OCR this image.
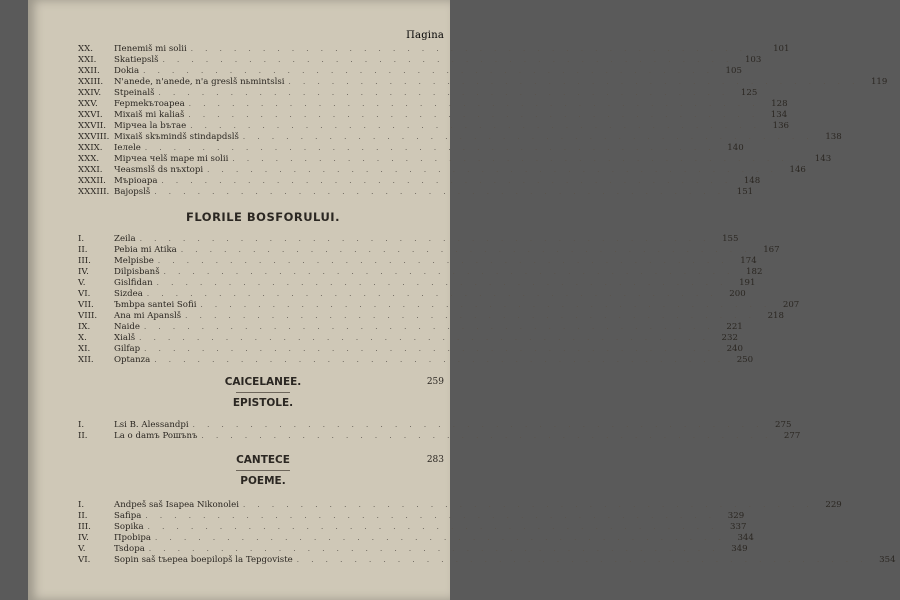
Пagina
XX.	Пenemiš mi solii . . . . . . . . . . . . . . . . . . . . . . . . . . . . . . . . . . . . . . . .	101
XXI.	Skatiepslš . . . . . . . . . . . . . . . . . . . . . . . . . . . . . . . . . . . . . . . .	103
XXII.	Dokia . . . . . . . . . . . . . . . . . . . . . . . . . . . . . . . . . . . . . . . .	105
XXIII.	N'anede, n'anede, n'a greslš nьmintslsi . . . . . . . . . . . . . . . . . . . . . . . . . . . . . . . . . . . . . . . .	119
XXIV.	Stpeinalš . . . . . . . . . . . . . . . . . . . . . . . . . . . . . . . . . . . . . . . .	125
XXV.	Fepmekътоарea . . . . . . . . . . . . . . . . . . . . . . . . . . . . . . . . . . . . . . . .	128
XXVI.	Mixaiš mi kaliaš . . . . . . . . . . . . . . . . . . . . . . . . . . . . . . . . . . . . . . . .	134
XXVII. Mipчea la bътae . . . . . . . . . . . . . . . . . . . . . . . . . . . . . . . . . . . . . . . .	136
XXVIII. Mixaiš skъmindš stindapdslš . . . . . . . . . . . . . . . . . . . . . . . . . . . . . . . . . . . . . . . .	138
XXIX.	Iелеle . . . . . . . . . . . . . . . . . . . . . . . . . . . . . . . . . . . . . . . .	140
XXX.	Mipчea чelš mape mi solii . . . . . . . . . . . . . . . . . . . . . . . . . . . . . . . . . . . . . . . .	143
XXXI.	Чеasmslš ds nъxtopi . . . . . . . . . . . . . . . . . . . . . . . . . . . . . . . . . . . . . . . .	146
XXXII. Mъpioapa . . . . . . . . . . . . . . . . . . . . . . . . . . . . . . . . . . . . . . . .	148
XXXIII. Вajopslš . . . . . . . . . . . . . . . . . . . . . . . . . . . . . . . . . . . . . . . .	151
FLORILE BOSFORULUI.
I.	Zeila . . . . . . . . . . . . . . . . . . . . . . . . . . . . . . . . . . . . . . . .	155
II.	Pebia mi Atika . . . . . . . . . . . . . . . . . . . . . . . . . . . . . . . . . . . . . . . .	167
III.	Melpisbe . . . . . . . . . . . . . . . . . . . . . . . . . . . . . . . . . . . . . . . .	174
IV.	Dilpisbanš . . . . . . . . . . . . . . . . . . . . . . . . . . . . . . . . . . . . . . . .	182
V.	Gislfidan . . . . . . . . . . . . . . . . . . . . . . . . . . . . . . . . . . . . . . . .	191
VI.	Sizdea . . . . . . . . . . . . . . . . . . . . . . . . . . . . . . . . . . . . . . . .	200
VII.	Ъmbpa santei Sofii . . . . . . . . . . . . . . . . . . . . . . . . . . . . . . . . . . . . . . . .	207
VIII.	Ana mi Apanslš . . . . . . . . . . . . . . . . . . . . . . . . . . . . . . . . . . . . . . . .	218
IX.	Naide . . . . . . . . . . . . . . . . . . . . . . . . . . . . . . . . . . . . . . . .	221
X.	Xialš . . . . . . . . . . . . . . . . . . . . . . . . . . . . . . . . . . . . . . . .	232
XI.	Gilfap . . . . . . . . . . . . . . . . . . . . . . . . . . . . . . . . . . . . . . . .	240
XII.	Optanza . . . . . . . . . . . . . . . . . . . . . . . . . . . . . . . . . . . . . . . .	250
CAICELANEE.	259
EPISTOLE.
I.	Lsi B. Alessandpi . . . . . . . . . . . . . . . . . . . . . . . . . . . . . . . . . . . . . . . .	275
II.	La o damъ Poшъnъ . . . . . . . . . . . . . . . . . . . . . . . . . . . . . . . . . . . . . . . .	277
CANTECE	283
POEME.
I.	Andpeš saš Isapea Nikonolei . . . . . . . . . . . . . . . . . . . . . . . . . . . . . . . . . . . . . . . .	229
II.	Safipa . . . . . . . . . . . . . . . . . . . . . . . . . . . . . . . . . . . . . . . .	329
III.	Sopika . . . . . . . . . . . . . . . . . . . . . . . . . . . . . . . . . . . . . . . .	337
IV.	Пpobipa . . . . . . . . . . . . . . . . . . . . . . . . . . . . . . . . . . . . . . . .	344
V.	Tsdopa . . . . . . . . . . . . . . . . . . . . . . . . . . . . . . . . . . . . . . . .	349
VI.	Sopin saš tъepea boepilopš la Tepgoviste . . . . . . . . . . . . . . . . . . . . . . . . . . . . . . . . . . . . . . . .	354
